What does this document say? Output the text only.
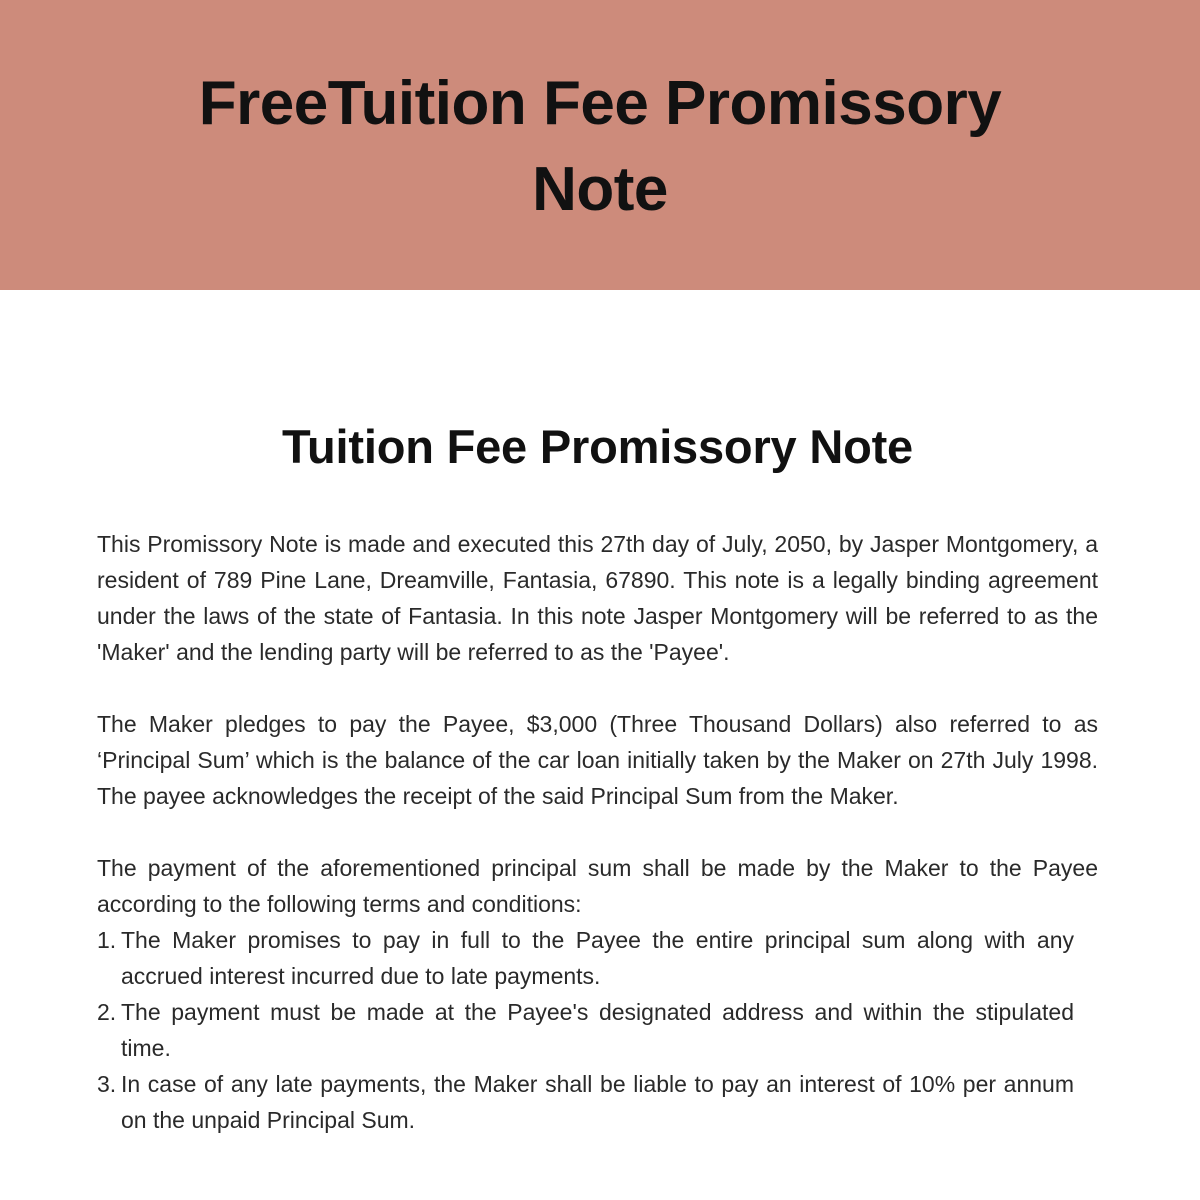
FreeTuition Fee Promissory Note
Tuition Fee Promissory Note

This Promissory Note is made and executed this 27th day of July, 2050, by Jasper Montgomery, a resident of 789 Pine Lane, Dreamville, Fantasia, 67890. This note is a legally binding agreement under the laws of the state of Fantasia. In this note Jasper Montgomery will be referred to as the 'Maker' and the lending party will be referred to as the 'Payee'.

The Maker pledges to pay the Payee, $3,000 (Three Thousand Dollars) also referred to as ‘Principal Sum’ which is the balance of the car loan initially taken by the Maker on 27th July 1998. The payee acknowledges the receipt of the said Principal Sum from the Maker.

The payment of the aforementioned principal sum shall be made by the Maker to the Payee according to the following terms and conditions:

1. The Maker promises to pay in full to the Payee the entire principal sum along with any accrued interest incurred due to late payments.
2. The payment must be made at the Payee's designated address and within the stipulated time.
3. In case of any late payments, the Maker shall be liable to pay an interest of 10% per annum on the unpaid Principal Sum.
